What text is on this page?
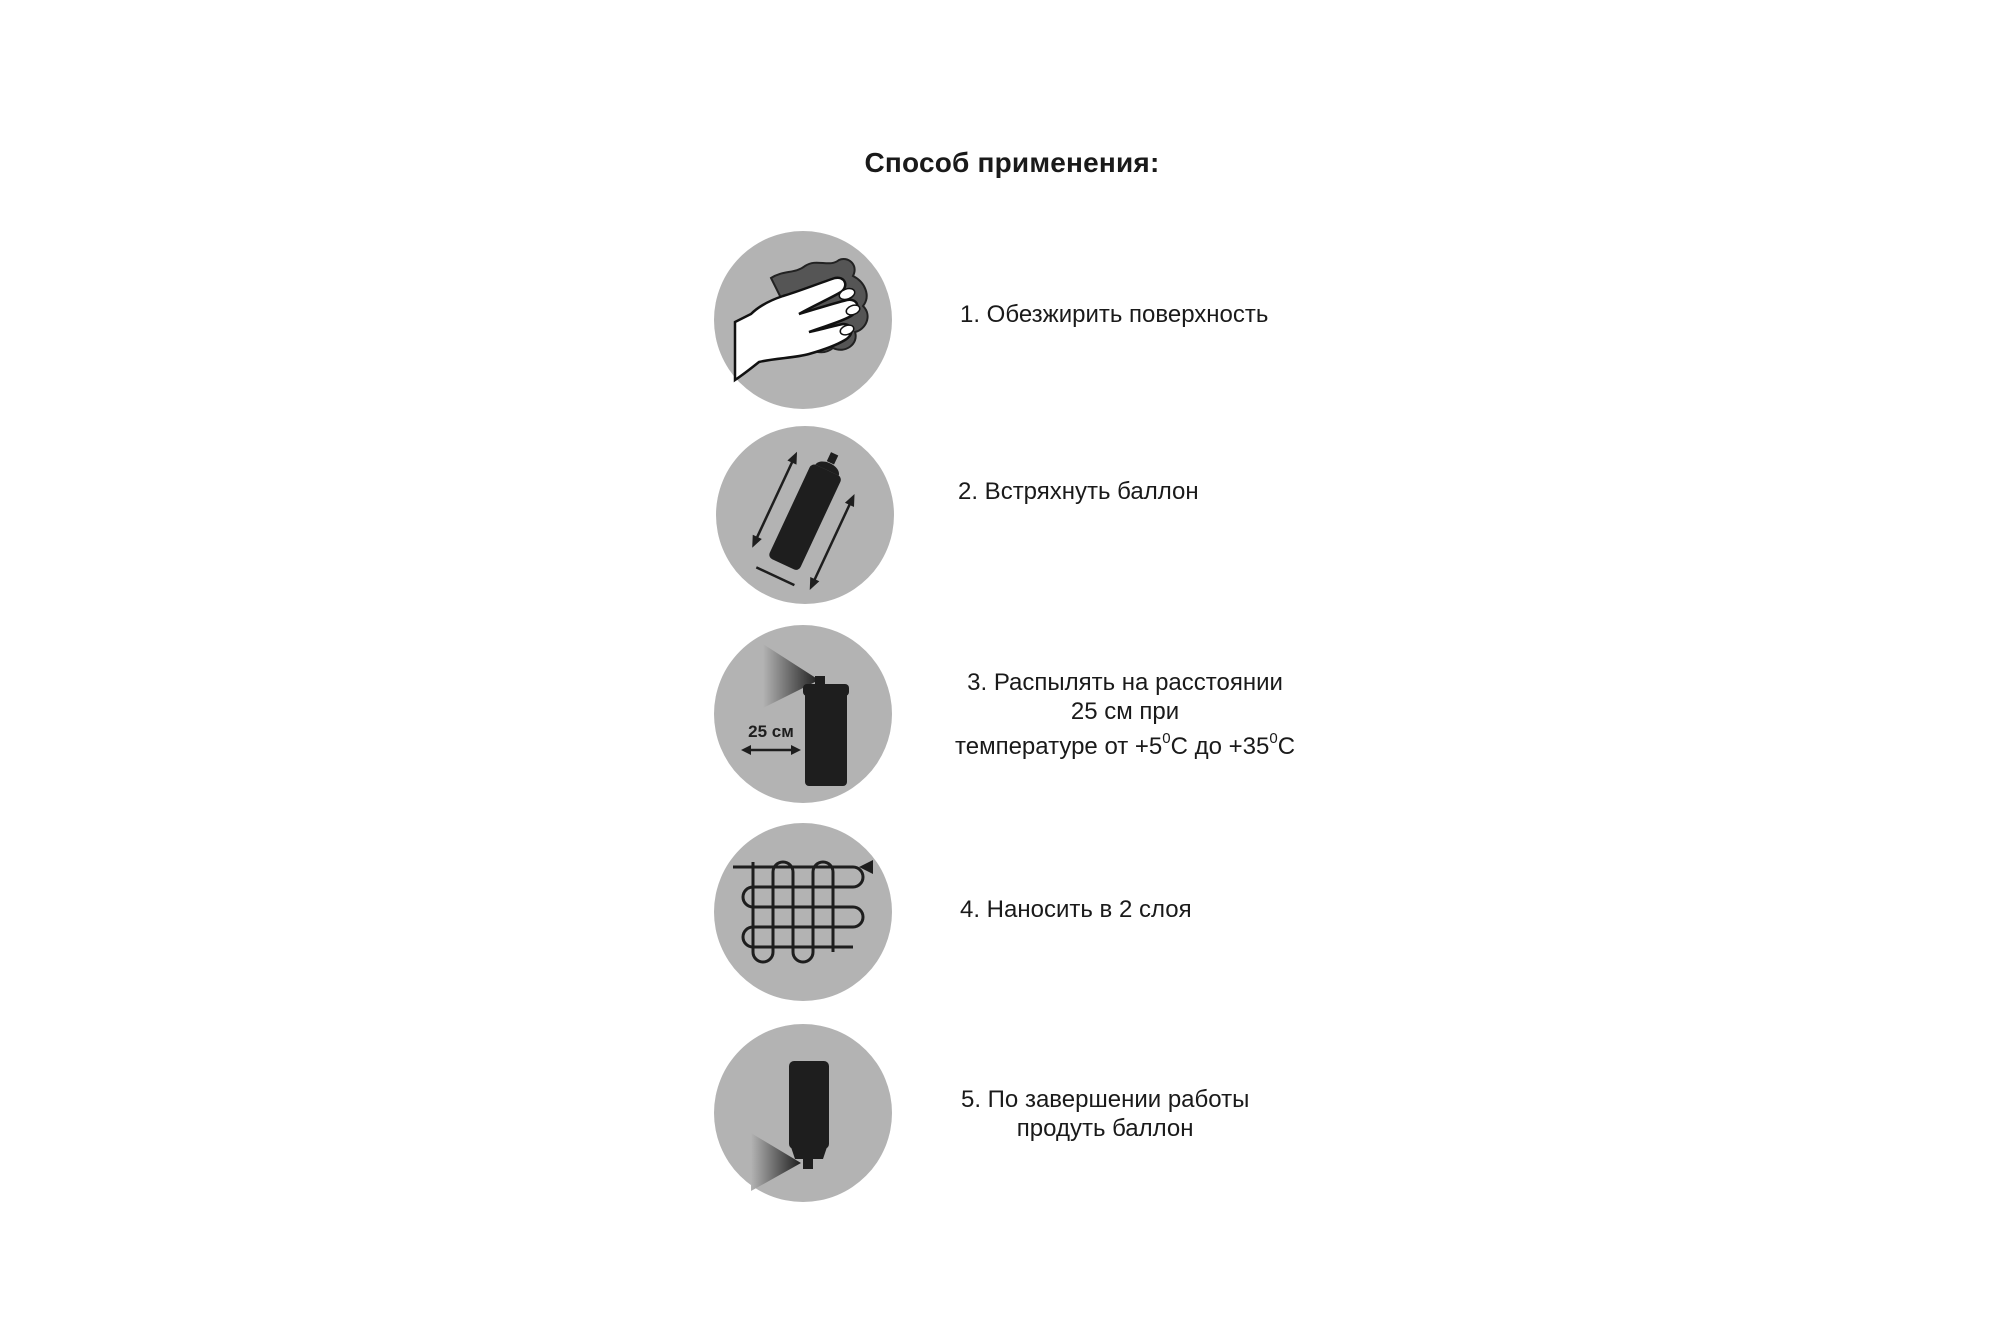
Способ применения:
1. Обезжирить поверхность
2. Встряхнуть баллон
25 см
3. Распылять на расстоянии
25 см при
температуре от $+5^0С$ до $+35^0С$
4. Наносить в 2 слоя
5. По завершении работы
продуть баллон
